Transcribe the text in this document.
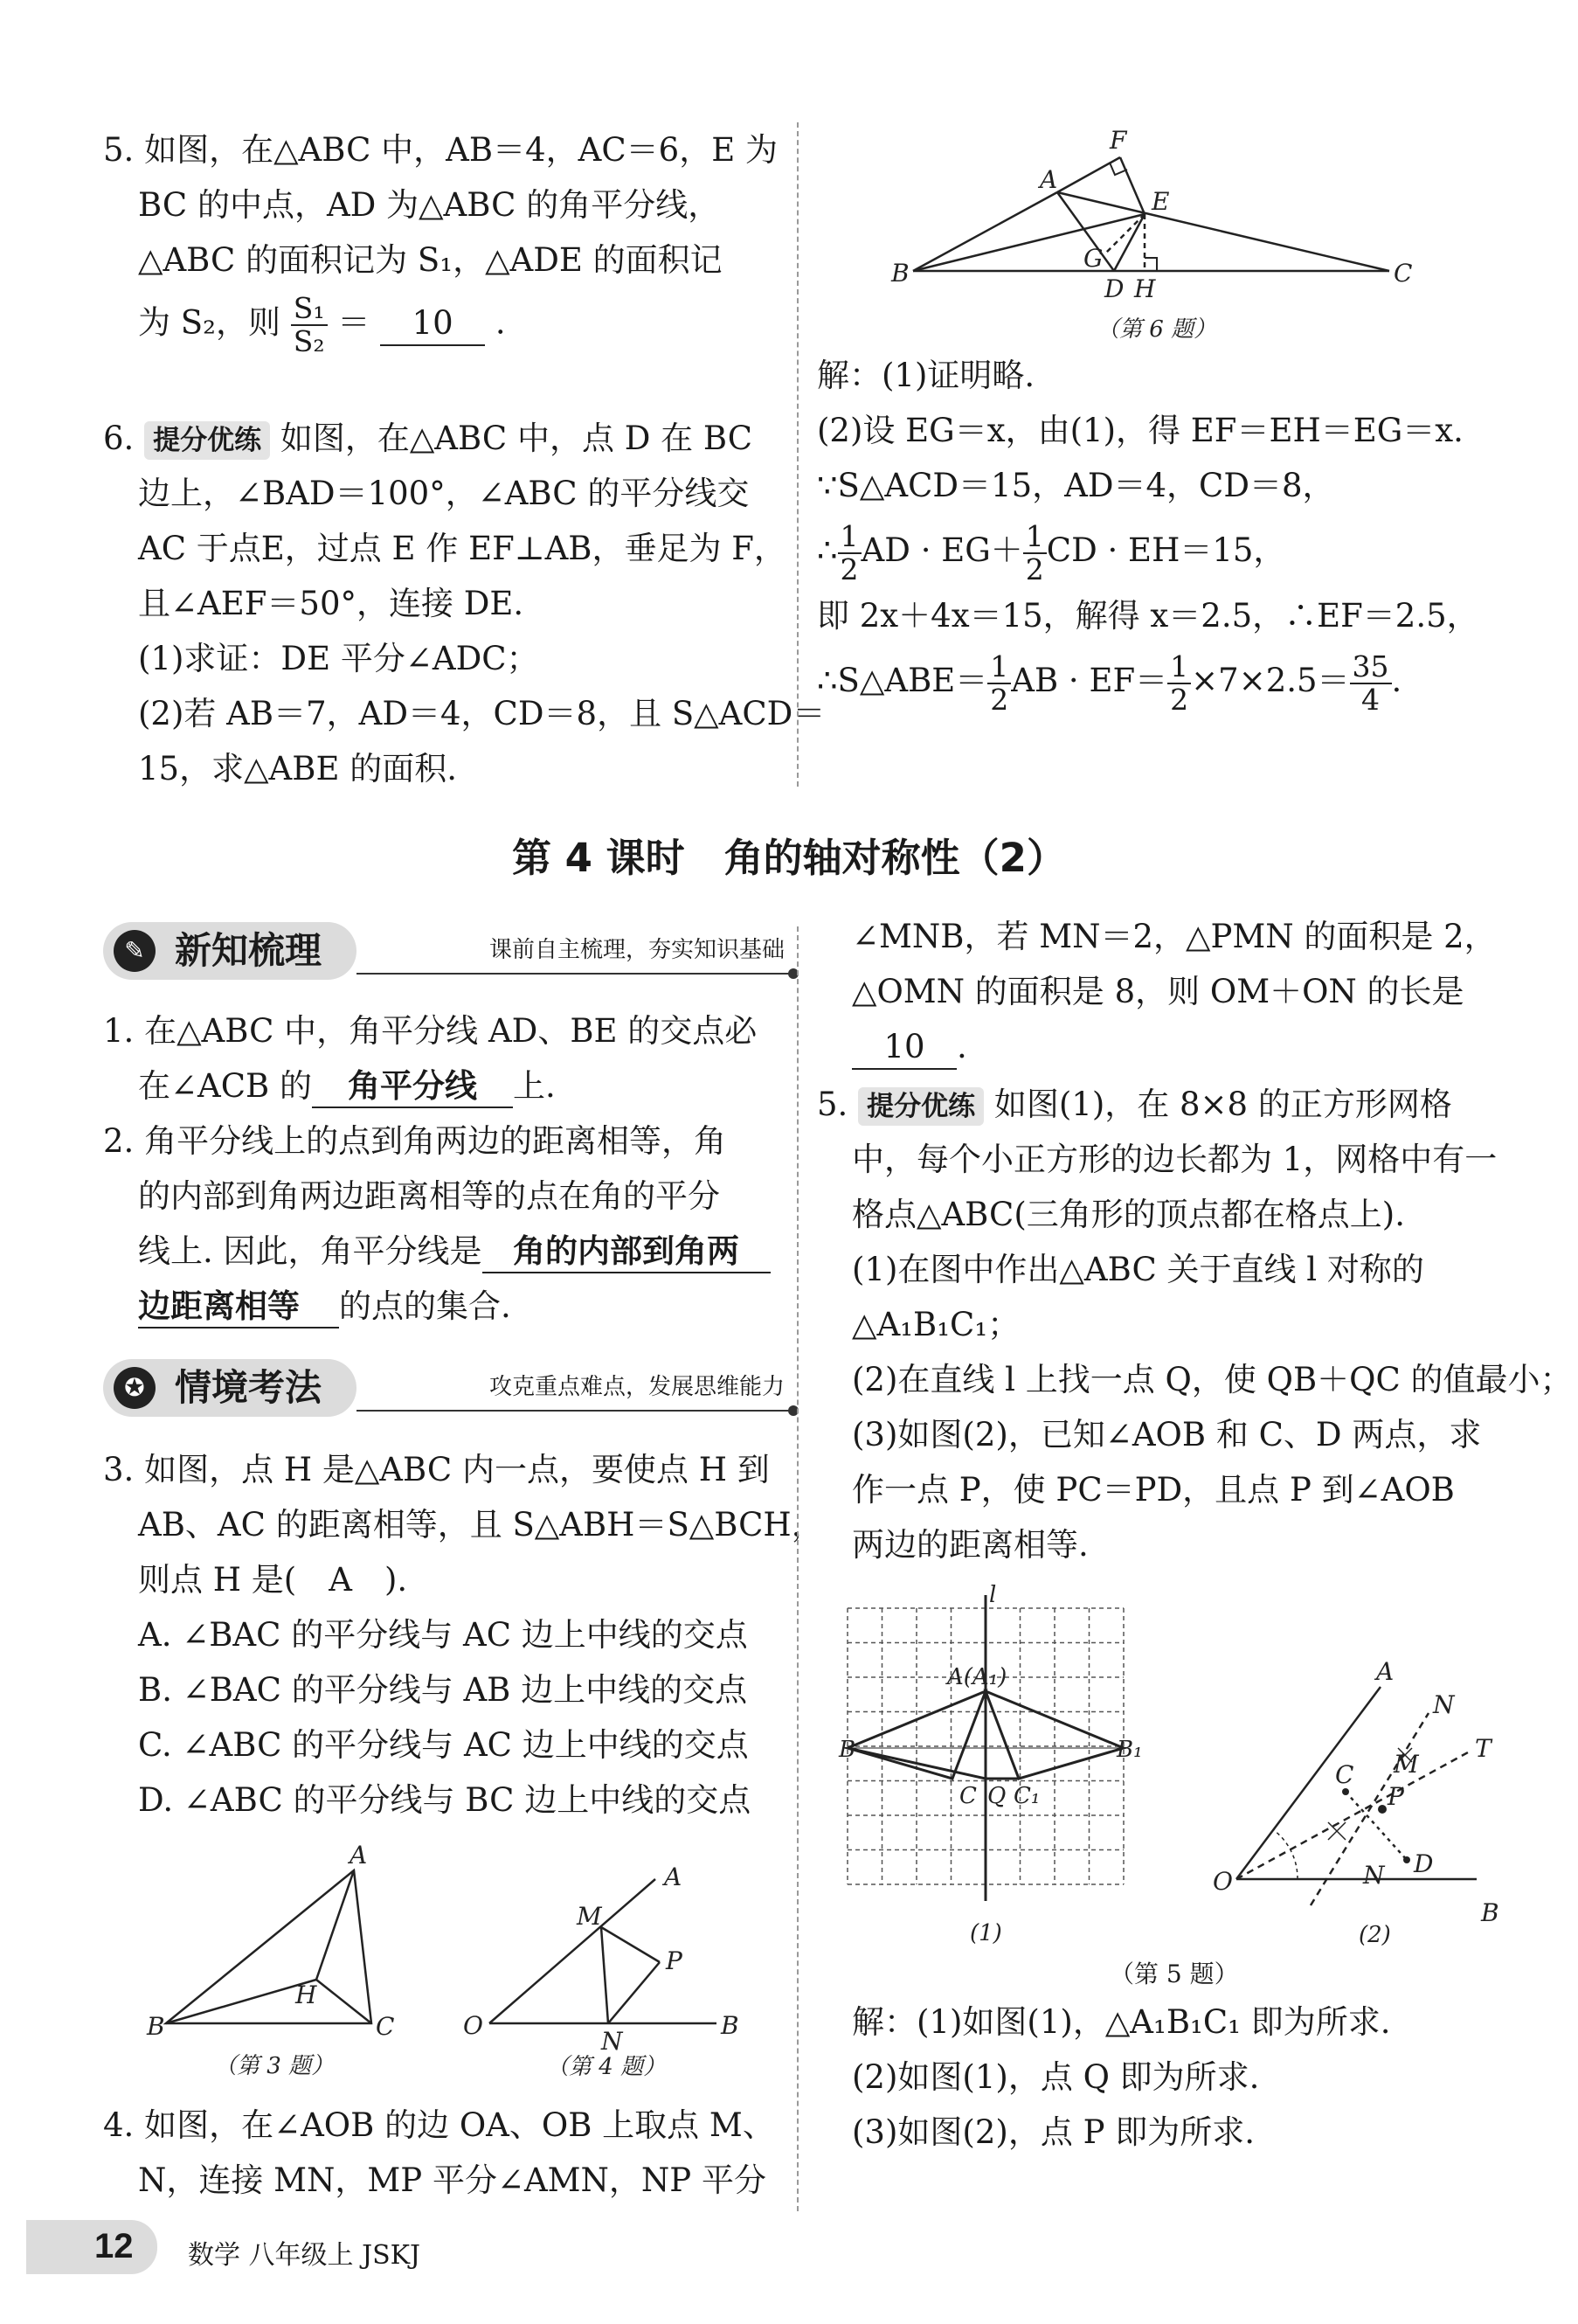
5. 如图，在△ABC 中，AB＝4，AC＝6，E 为
BC 的中点，AD 为△ABC 的角平分线，
△ABC 的面积记为 S₁，△ADE 的面积记
为 S₂，则 $\frac{\text{S₁}}{\text{S₂}} = 10$ .
6. 提分优练 如图，在△ABC 中，点 D 在 BC
边上，∠BAD＝100°，∠ABC 的平分线交
AC 于点E，过点 E 作 EF⊥AB，垂足为 F，
且∠AEF＝50°，连接 DE.
(1)求证：DE 平分∠ADC；
(2)若 AB＝7，AD＝4，CD＝8，且 S△ACD＝
15，求△ABE 的面积.
B	C
A
F
E
G
D H
（第 6 题）
解：(1)证明略.
(2)设 EG＝x，由(1)，得 EF＝EH＝EG＝x.
∵S△ACD＝15，AD＝4，CD＝8，
∴ $\frac{1}{2}$ AD · $EG+ \frac{1}{2}$ CD · EH＝15，
即 2x＋4x＝15，解得 x＝2.5，∴EF＝2.5，
∴S△ABE＝ $\frac{1}{2}$ AB · $EF= \frac{1}{2} \times 7\times 2.5= \frac{35}{4}$ .
第 4 课时　角的轴对称性（2）
✎ 新知梳理	课前自主梳理，夯实知识基础
1. 在△ABC 中，角平分线 AD、BE 的交点必
在∠ACB 的 角平分线 上.
2. 角平分线上的点到角两边的距离相等，角
的内部到角两边距离相等的点在角的平分
线上. 因此，角平分线是 角的内部到角两
边距离相等 的点的集合.
✪ 情境考法	攻克重点难点，发展思维能力
3. 如图，点 H 是△ABC 内一点，要使点 H 到
AB、AC 的距离相等，且 S△ABH＝S△BCH，
则点 H 是(　A　).
A. ∠BAC 的平分线与 AC 边上中线的交点
B. ∠BAC 的平分线与 AB 边上中线的交点
C. ∠ABC 的平分线与 AC 边上中线的交点
D. ∠ABC 的平分线与 BC 边上中线的交点
A
B	C
H
（第 3 题）
A
B
O
M
N
P
（第 4 题）
4. 如图，在∠AOB 的边 OA、OB 上取点 M、
N，连接 MN，MP 平分∠AMN，NP 平分
∠MNB，若 MN＝2，△PMN 的面积是 2，
△OMN 的面积是 8，则 OM＋ON 的长是
10 .
5. 提分优练 如图(1)，在 8×8 的正方形网格
中，每个小正方形的边长都为 1，网格中有一
格点△ABC(三角形的顶点都在格点上).
(1)在图中作出△ABC 关于直线 l 对称的
△A₁B₁C₁；
(2)在直线 l 上找一点 Q，使 QB＋QC 的值最小；
(3)如图(2)，已知∠AOB 和 C、D 两点，求
作一点 P，使 PC＝PD，且点 P 到∠AOB
两边的距离相等.
A(A₁)
B	B₁
C Q C₁
l
(1)
A
B
O
C
D
P
M
N
N
T
(2)
（第 5 题）
解：(1)如图(1)，△A₁B₁C₁ 即为所求.
(2)如图(1)，点 Q 即为所求.
(3)如图(2)，点 P 即为所求.
12 数学 八年级上 JSKJ
